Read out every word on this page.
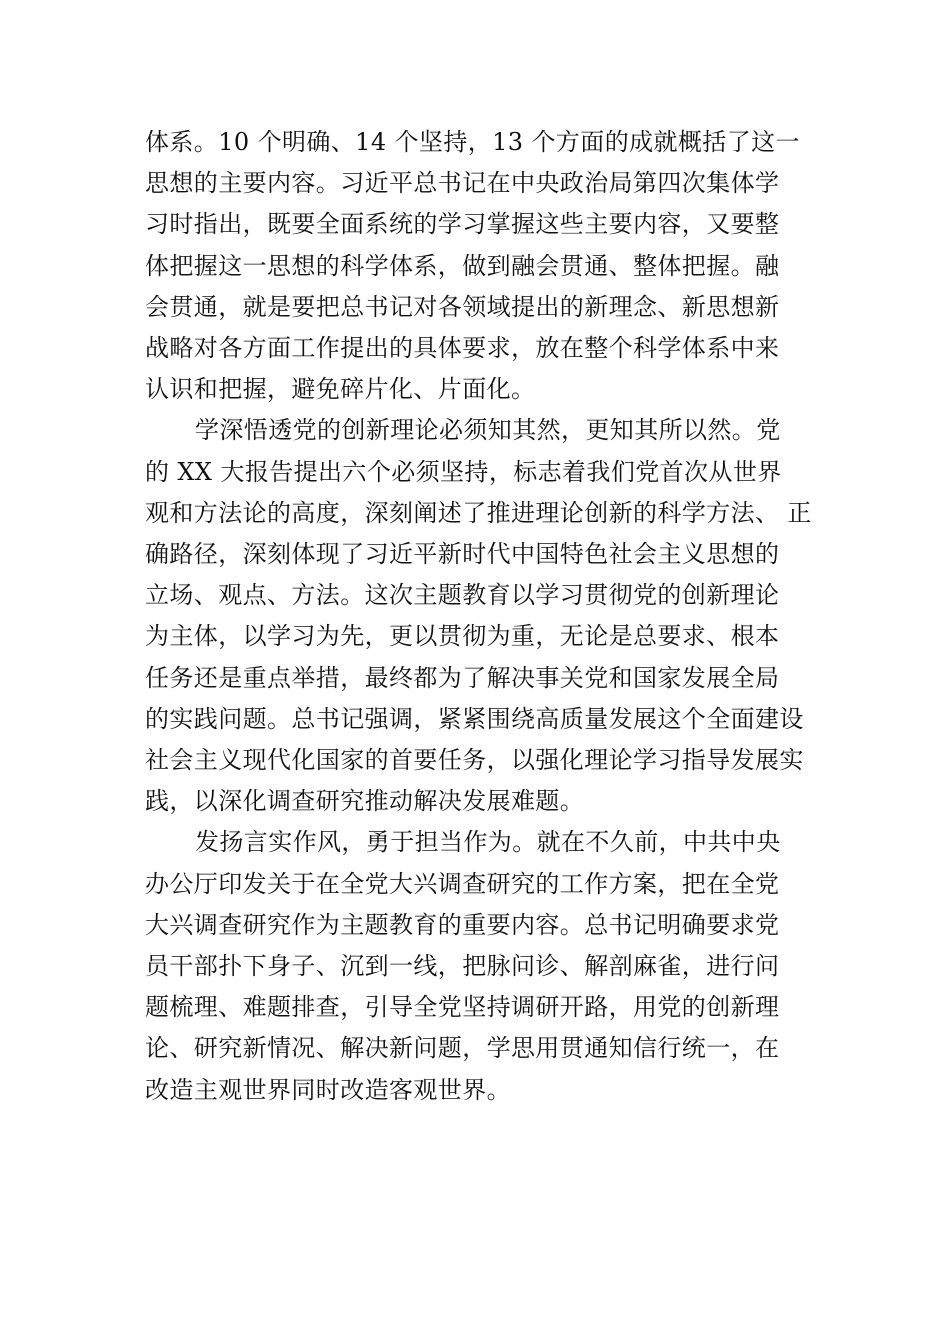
体系。10 个明确、14 个坚持，13 个方面的成就概括了这一
思想的主要内容。习近平总书记在中央政治局第四次集体学
习时指出，既要全面系统的学习掌握这些主要内容，又要整
体把握这一思想的科学体系，做到融会贯通、整体把握。融
会贯通，就是要把总书记对各领域提出的新理念、新思想新
战略对各方面工作提出的具体要求，放在整个科学体系中来
认识和把握，避免碎片化、片面化。

学深悟透党的创新理论必须知其然，更知其所以然。党
的 XX 大报告提出六个必须坚持，标志着我们党首次从世界
观和方法论的高度，深刻阐述了推进理论创新的科学方法、 正
确路径，深刻体现了习近平新时代中国特色社会主义思想的
立场、观点、方法。这次主题教育以学习贯彻党的创新理论
为主体，以学习为先，更以贯彻为重，无论是总要求、根本
任务还是重点举措，最终都为了解决事关党和国家发展全局
的实践问题。总书记强调，紧紧围绕高质量发展这个全面建设
社会主义现代化国家的首要任务，以强化理论学习指导发展实
践，以深化调查研究推动解决发展难题。

发扬言实作风，勇于担当作为。就在不久前，中共中央
办公厅印发关于在全党大兴调查研究的工作方案，把在全党
大兴调查研究作为主题教育的重要内容。总书记明确要求党
员干部扑下身子、沉到一线，把脉问诊、解剖麻雀，进行问
题梳理、难题排查，引导全党坚持调研开路，用党的创新理
论、研究新情况、解决新问题，学思用贯通知信行统一，在
改造主观世界同时改造客观世界。
